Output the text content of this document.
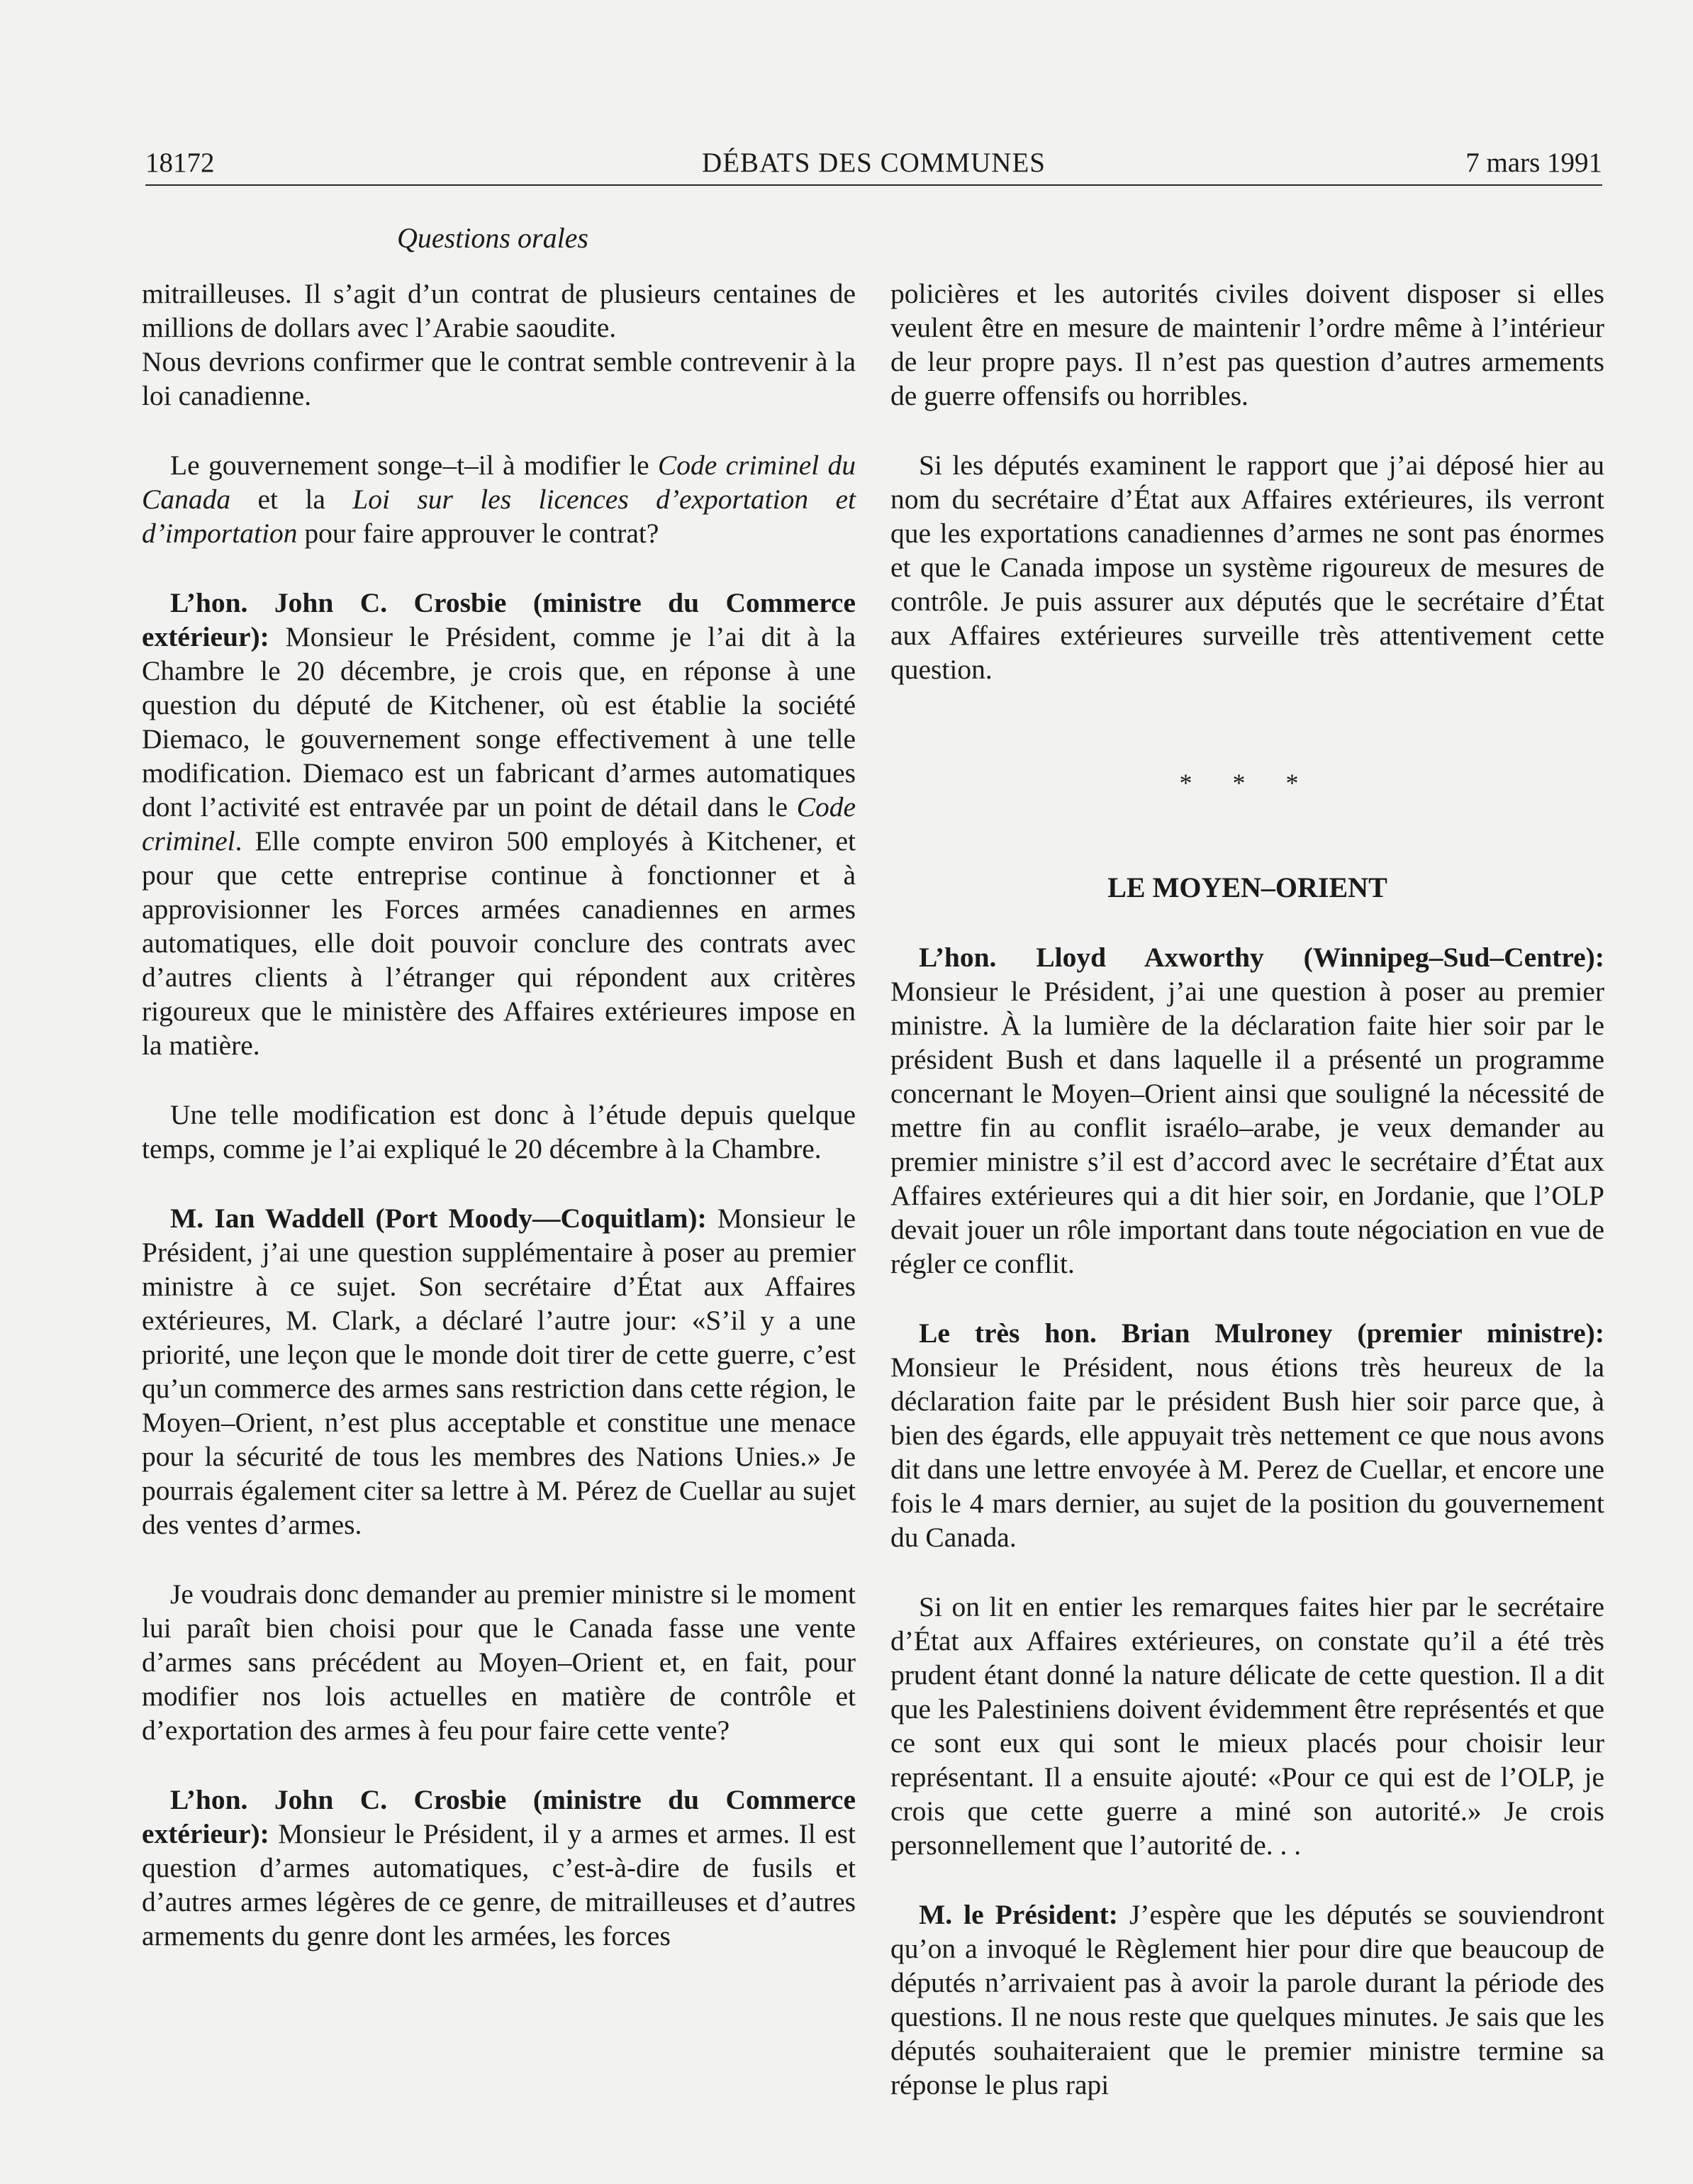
18172	DÉBATS DES COMMUNES	7 mars 1991
Questions orales

mitrailleuses. Il s’agit d’un contrat de plusieurs centaines de millions de dollars avec l’Arabie saoudite.

Nous devrions confirmer que le contrat semble contrevenir à la loi canadienne.

Le gouvernement songe–t–il à modifier le Code criminel du Canada et la Loi sur les licences d’exportation et d’importation pour faire approuver le contrat?

L’hon. John C. Crosbie (ministre du Commerce extérieur): Monsieur le Président, comme je l’ai dit à la Chambre le 20 décembre, je crois que, en réponse à une question du député de Kitchener, où est établie la société Diemaco, le gouvernement songe effectivement à une telle modification. Diemaco est un fabricant d’armes automatiques dont l’activité est entravée par un point de détail dans le Code criminel. Elle compte environ 500 employés à Kitchener, et pour que cette entreprise continue à fonctionner et à approvisionner les Forces armées canadiennes en armes automatiques, elle doit pouvoir conclure des contrats avec d’autres clients à l’étranger qui répondent aux critères rigoureux que le ministère des Affaires extérieures impose en la matière.

Une telle modification est donc à l’étude depuis quelque temps, comme je l’ai expliqué le 20 décembre à la Chambre.

M. Ian Waddell (Port Moody—Coquitlam): Monsieur le Président, j’ai une question supplémentaire à poser au premier ministre à ce sujet. Son secrétaire d’État aux Affaires extérieures, M. Clark, a déclaré l’autre jour: «S’il y a une priorité, une leçon que le monde doit tirer de cette guerre, c’est qu’un commerce des armes sans restriction dans cette région, le Moyen–Orient, n’est plus acceptable et constitue une menace pour la sécurité de tous les membres des Nations Unies.» Je pourrais également citer sa lettre à M. Pérez de Cuellar au sujet des ventes d’armes.

Je voudrais donc demander au premier ministre si le moment lui paraît bien choisi pour que le Canada fasse une vente d’armes sans précédent au Moyen–Orient et, en fait, pour modifier nos lois actuelles en matière de contrôle et d’exportation des armes à feu pour faire cette vente?

L’hon. John C. Crosbie (ministre du Commerce extérieur): Monsieur le Président, il y a armes et armes. Il est question d’armes automatiques, c’est-à-dire de fusils et d’autres armes légères de ce genre, de mitrailleuses et d’autres armements du genre dont les armées, les forces

policières et les autorités civiles doivent disposer si elles veulent être en mesure de maintenir l’ordre même à l’intérieur de leur propre pays. Il n’est pas question d’autres armements de guerre offensifs ou horribles.

Si les députés examinent le rapport que j’ai déposé hier au nom du secrétaire d’État aux Affaires extérieures, ils verront que les exportations canadiennes d’armes ne sont pas énormes et que le Canada impose un système rigoureux de mesures de contrôle. Je puis assurer aux députés que le secrétaire d’État aux Affaires extérieures surveille très attentivement cette question.

* * *
LE MOYEN–ORIENT

L’hon. Lloyd Axworthy (Winnipeg–Sud–Centre): Monsieur le Président, j’ai une question à poser au premier ministre. À la lumière de la déclaration faite hier soir par le président Bush et dans laquelle il a présenté un programme concernant le Moyen–Orient ainsi que souligné la nécessité de mettre fin au conflit israélo–arabe, je veux demander au premier ministre s’il est d’accord avec le secrétaire d’État aux Affaires extérieures qui a dit hier soir, en Jordanie, que l’OLP devait jouer un rôle important dans toute négociation en vue de régler ce conflit.

Le très hon. Brian Mulroney (premier ministre): Monsieur le Président, nous étions très heureux de la déclaration faite par le président Bush hier soir parce que, à bien des égards, elle appuyait très nettement ce que nous avons dit dans une lettre envoyée à M. Perez de Cuellar, et encore une fois le 4 mars dernier, au sujet de la position du gouvernement du Canada.

Si on lit en entier les remarques faites hier par le secrétaire d’État aux Affaires extérieures, on constate qu’il a été très prudent étant donné la nature délicate de cette question. Il a dit que les Palestiniens doivent évidemment être représentés et que ce sont eux qui sont le mieux placés pour choisir leur représentant. Il a ensuite ajouté: «Pour ce qui est de l’OLP, je crois que cette guerre a miné son autorité.» Je crois personnellement que l’autorité de. . .

M. le Président: J’espère que les députés se souviendront qu’on a invoqué le Règlement hier pour dire que beaucoup de députés n’arrivaient pas à avoir la parole durant la période des questions. Il ne nous reste que quelques minutes. Je sais que les députés souhaiteraient que le premier ministre termine sa réponse le plus rapi
